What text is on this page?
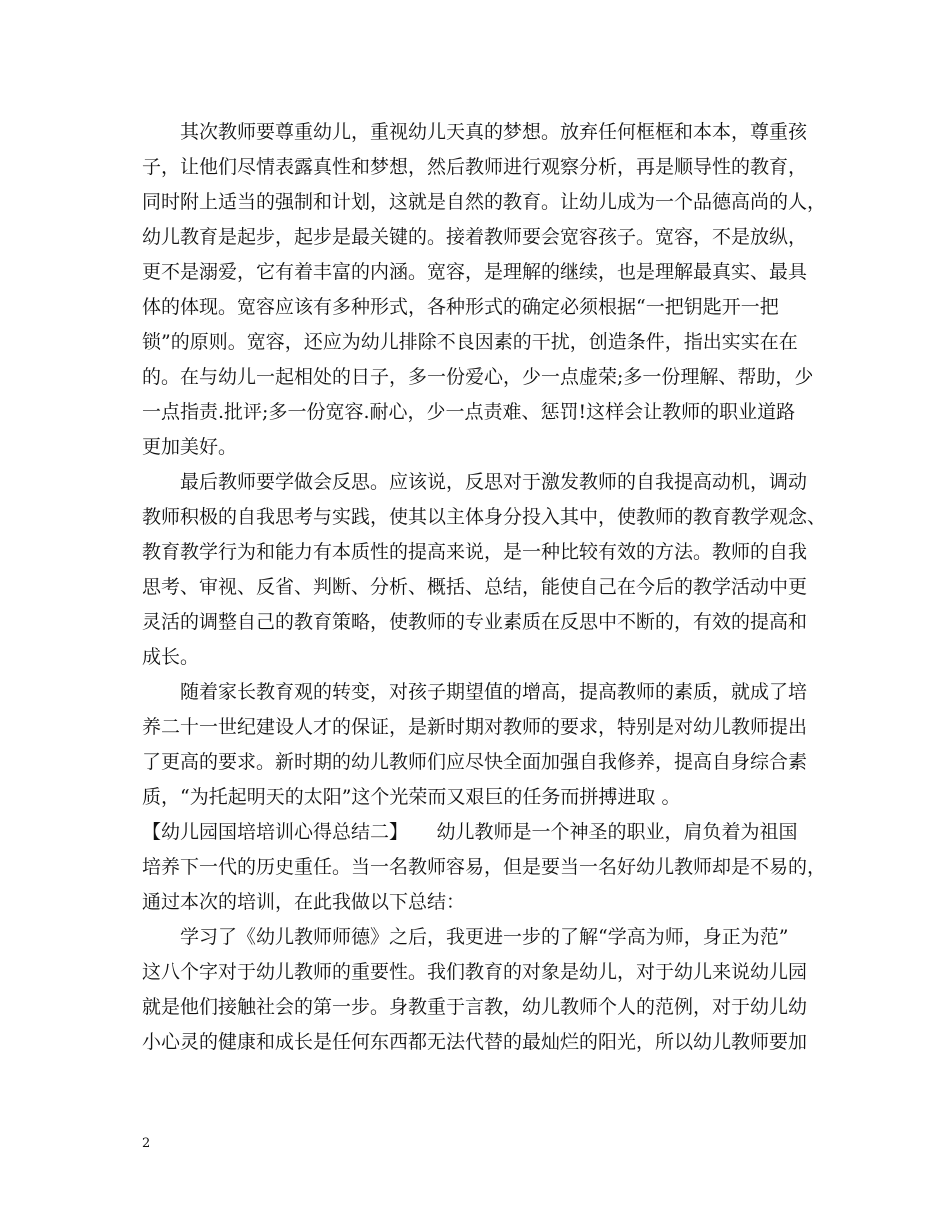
　　其次教师要尊重幼儿，重视幼儿天真的梦想。放弃任何框框和本本，尊重孩
子，让他们尽情表露真性和梦想，然后教师进行观察分析，再是顺导性的教育，
同时附上适当的强制和计划，这就是自然的教育。让幼儿成为一个品德高尚的人，
幼儿教育是起步，起步是最关键的。接着教师要会宽容孩子。宽容，不是放纵，
更不是溺爱，它有着丰富的内涵。宽容，是理解的继续，也是理解最真实、最具
体的体现。宽容应该有多种形式，各种形式的确定必须根据“一把钥匙开一把
锁”的原则。宽容，还应为幼儿排除不良因素的干扰，创造条件，指出实实在在
的。在与幼儿一起相处的日子，多一份爱心，少一点虚荣;多一份理解、帮助，少
一点指责.批评;多一份宽容.耐心，少一点责难、惩罚!这样会让教师的职业道路
更加美好。
　　最后教师要学做会反思。应该说，反思对于激发教师的自我提高动机，调动
教师积极的自我思考与实践，使其以主体身分投入其中，使教师的教育教学观念、
教育教学行为和能力有本质性的提高来说，是一种比较有效的方法。教师的自我
思考、审视、反省、判断、分析、概括、总结，能使自己在今后的教学活动中更
灵活的调整自己的教育策略，使教师的专业素质在反思中不断的，有效的提高和
成长。
　　随着家长教育观的转变，对孩子期望值的增高，提高教师的素质，就成了培
养二十一世纪建设人才的保证，是新时期对教师的要求，特别是对幼儿教师提出
了更高的要求。新时期的幼儿教师们应尽快全面加强自我修养，提高自身综合素
质，“为托起明天的太阳”这个光荣而又艰巨的任务而拼搏进取 。
【幼儿园国培培训心得总结二】　　幼儿教师是一个神圣的职业，肩负着为祖国
培养下一代的历史重任。当一名教师容易，但是要当一名好幼儿教师却是不易的，
通过本次的培训，在此我做以下总结：
　　学习了《幼儿教师师德》之后，我更进一步的了解“学高为师，身正为范”
这八个字对于幼儿教师的重要性。我们教育的对象是幼儿，对于幼儿来说幼儿园
就是他们接触社会的第一步。身教重于言教，幼儿教师个人的范例，对于幼儿幼
小心灵的健康和成长是任何东西都无法代替的最灿烂的阳光，所以幼儿教师要加
2
